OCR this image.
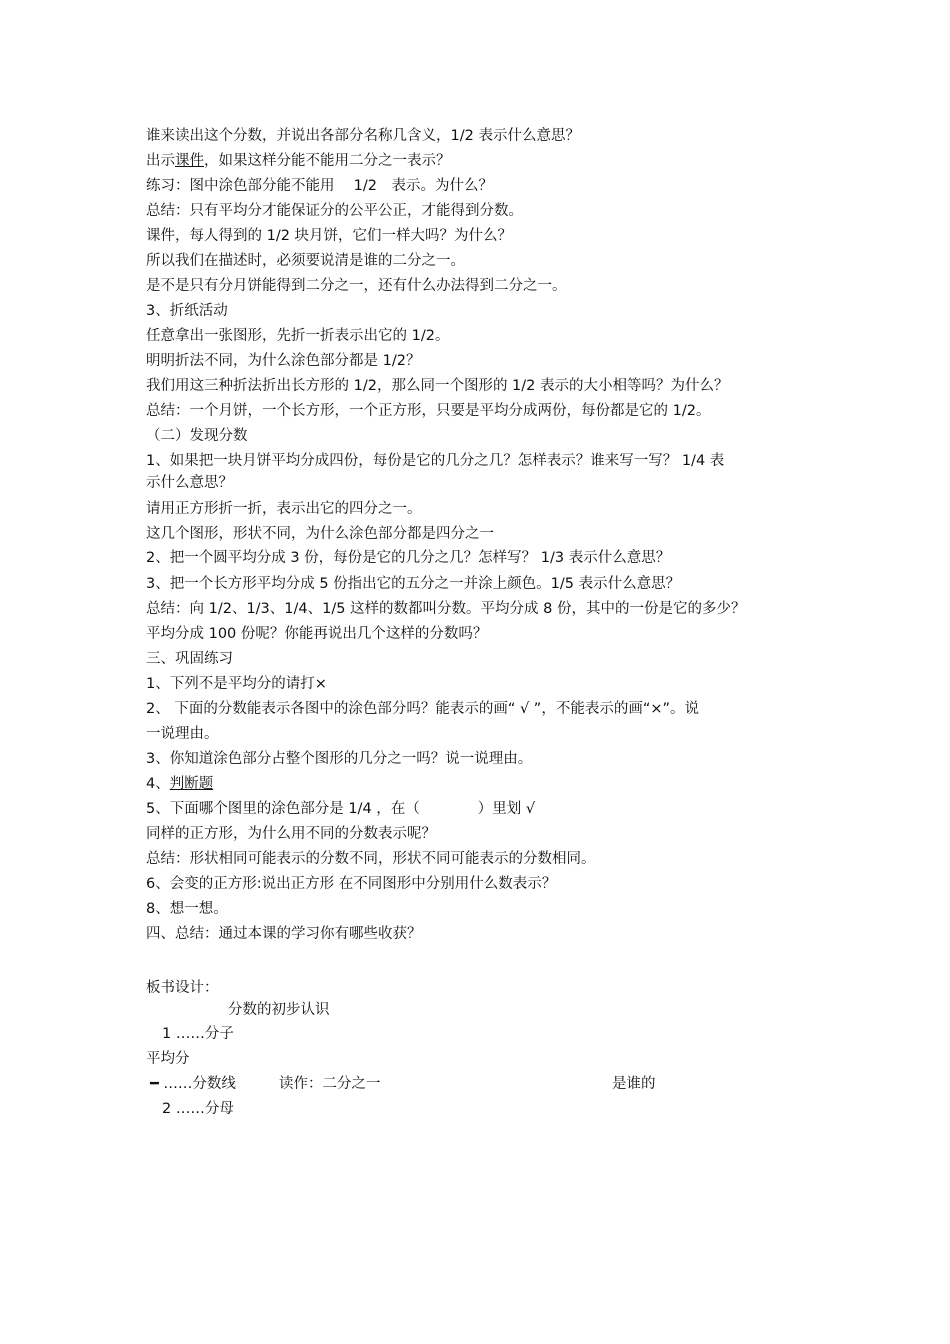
谁来读出这个分数，并说出各部分名称几含义，1/2 表示什么意思？
出示课件，如果这样分能不能用二分之一表示？
练习：图中涂色部分能不能用　 1/2　表示。为什么？
总结：只有平均分才能保证分的公平公正，才能得到分数。
课件，每人得到的 1/2 块月饼，它们一样大吗？为什么？
所以我们在描述时，必须要说清是谁的二分之一。
是不是只有分月饼能得到二分之一，还有什么办法得到二分之一。
3、折纸活动
任意拿出一张图形，先折一折表示出它的 1/2。
明明折法不同，为什么涂色部分都是 1/2？
我们用这三种折法折出长方形的 1/2，那么同一个图形的 1/2 表示的大小相等吗？为什么？
总结：一个月饼，一个长方形，一个正方形，只要是平均分成两份，每份都是它的 1/2。
（二）发现分数
1、如果把一块月饼平均分成四份，每份是它的几分之几？怎样表示？谁来写一写？ 1/4 表
示什么意思？
请用正方形折一折，表示出它的四分之一。
这几个图形，形状不同，为什么涂色部分都是四分之一
2、把一个圆平均分成 3 份，每份是它的几分之几？怎样写？ 1/3 表示什么意思？
3、把一个长方形平均分成 5 份指出它的五分之一并涂上颜色。1/5 表示什么意思？
总结：向 1/2、1/3、1/4、1/5 这样的数都叫分数。平均分成 8 份，其中的一份是它的多少？
平均分成 100 份呢？你能再说出几个这样的分数吗？
三、巩固练习
1、下列不是平均分的请打×
2、 下面的分数能表示各图中的涂色部分吗？能表示的画“ √ ”，不能表示的画“×”。说
一说理由。
3、你知道涂色部分占整个图形的几分之一吗？说一说理由。
4、判断题
5、下面哪个图里的涂色部分是 1/4 ，在（　　　　）里划 √
同样的正方形，为什么用不同的分数表示呢？
总结：形状相同可能表示的分数不同，形状不同可能表示的分数相同。
6、会变的正方形:说出正方形 在不同图形中分别用什么数表示？
8、想一想。
四、总结：通过本课的学习你有哪些收获？
板书设计：
分数的初步认识
1 ……分子
平均分
━ ……分数线	读作：二分之一	是谁的
2 ……分母
